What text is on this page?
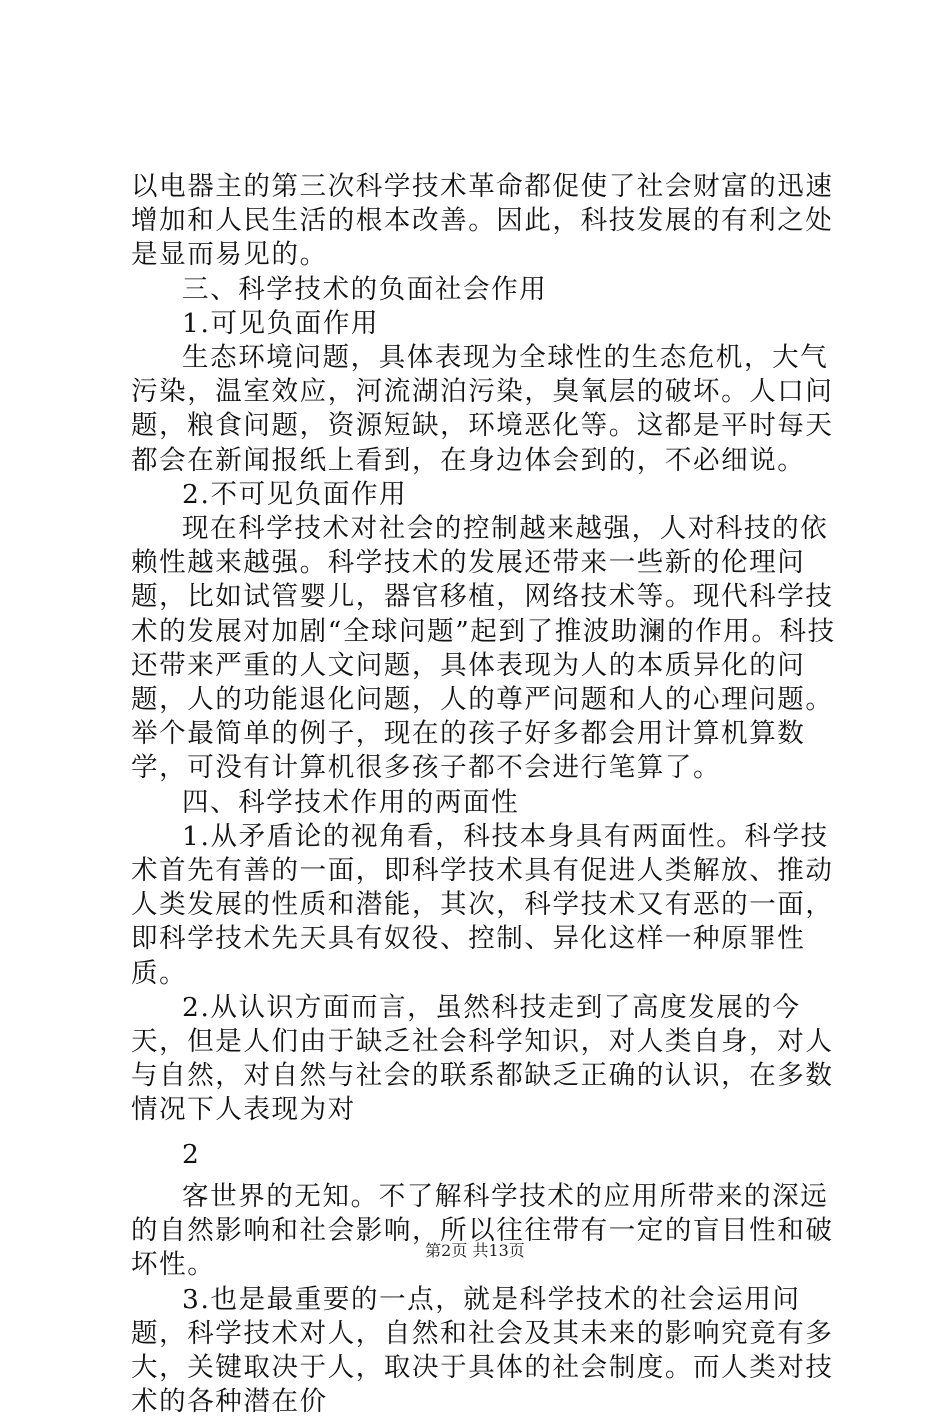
以电器主的第三次科学技术革命都促使了社会财富的迅速增加和人民生活的根本改善。因此，科技发展的有利之处是显而易见的。

三、科学技术的负面社会作用

1.可见负面作用

生态环境问题，具体表现为全球性的生态危机，大气污染，温室效应，河流湖泊污染，臭氧层的破坏。人口问题，粮食问题，资源短缺，环境恶化等。这都是平时每天都会在新闻报纸上看到，在身边体会到的，不必细说。

2.不可见负面作用

现在科学技术对社会的控制越来越强，人对科技的依赖性越来越强。科学技术的发展还带来一些新的伦理问题，比如试管婴儿，器官移植，网络技术等。现代科学技术的发展对加剧“全球问题”起到了推波助澜的作用。科技还带来严重的人文问题，具体表现为人的本质异化的问题，人的功能退化问题，人的尊严问题和人的心理问题。举个最简单的例子，现在的孩子好多都会用计算机算数学，可没有计算机很多孩子都不会进行笔算了。

四、科学技术作用的两面性

1.从矛盾论的视角看，科技本身具有两面性。科学技术首先有善的一面，即科学技术具有促进人类解放、推动人类发展的性质和潜能，其次，科学技术又有恶的一面，即科学技术先天具有奴役、控制、异化这样一种原罪性质。

2.从认识方面而言，虽然科技走到了高度发展的今天，但是人们由于缺乏社会科学知识，对人类自身，对人与自然，对自然与社会的联系都缺乏正确的认识，在多数情况下人表现为对

2

客世界的无知。不了解科学技术的应用所带来的深远的自然影响和社会影响，所以往往带有一定的盲目性和破坏性。

3.也是最重要的一点，就是科学技术的社会运用问题，科学技术对人，自然和社会及其未来的影响究竟有多大，关键取决于人，取决于具体的社会制度。而人类对技术的各种潜在价

第2页 共13页
